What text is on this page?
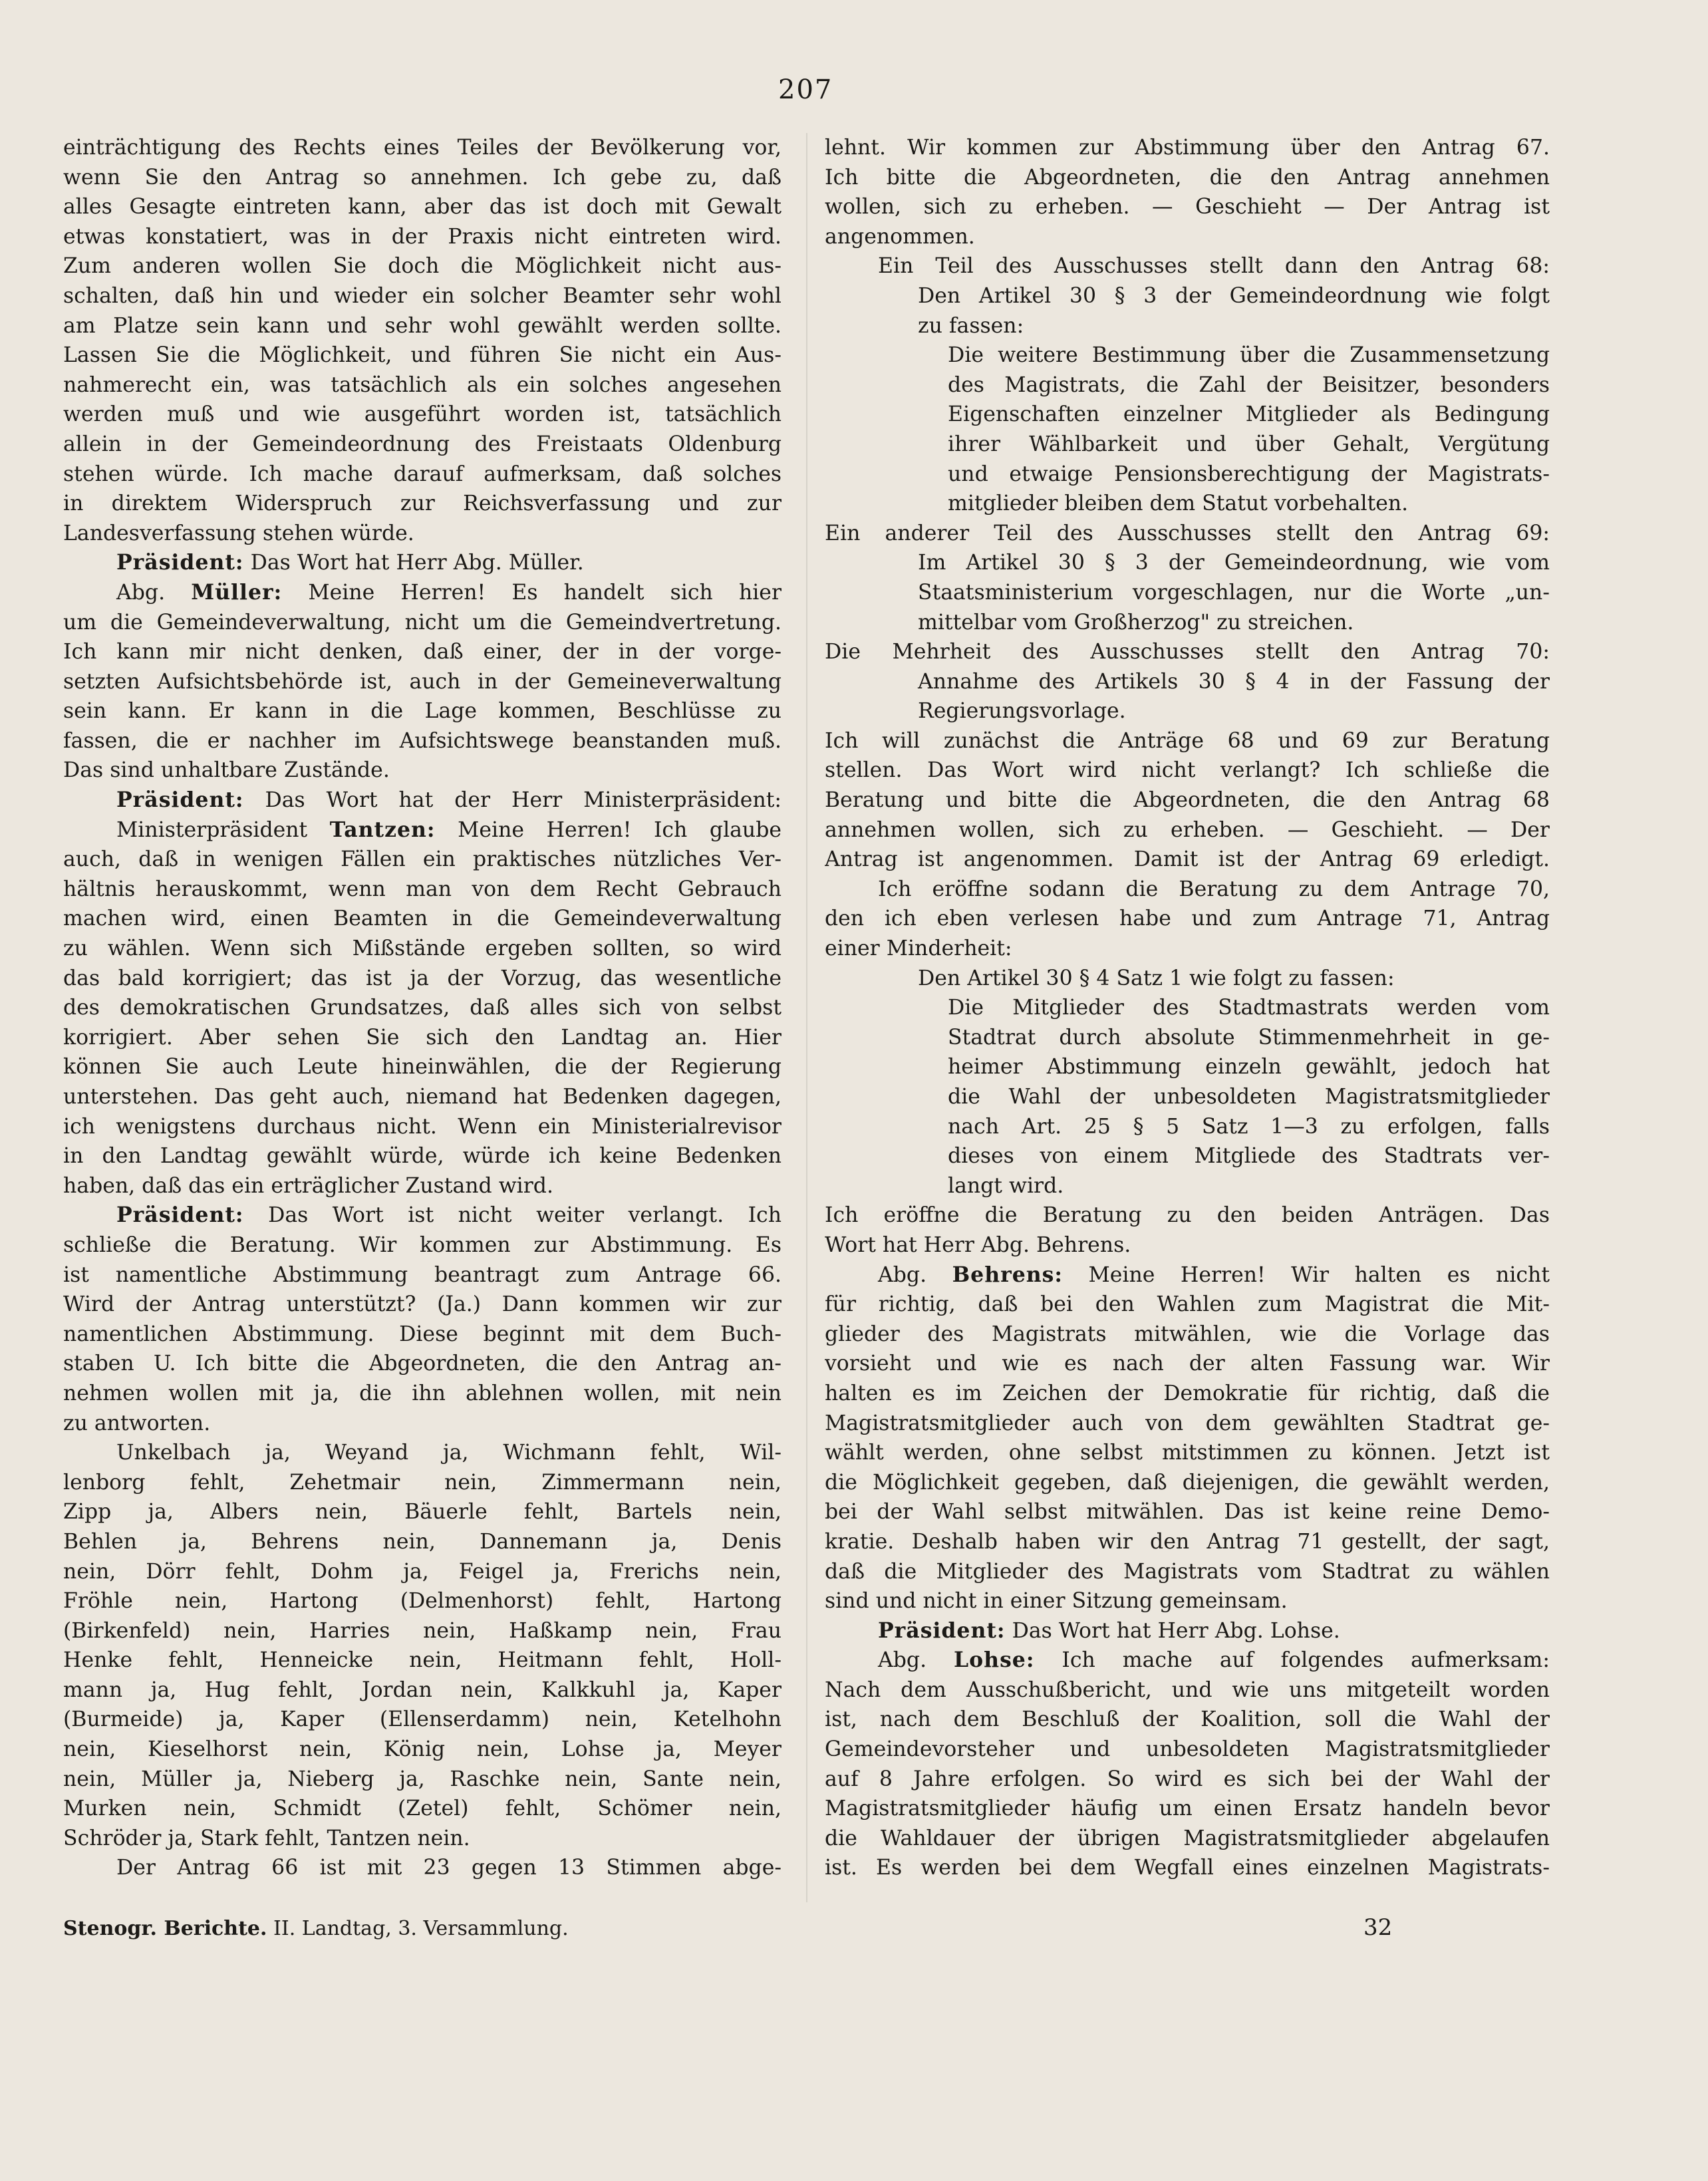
207
einträchtigung des Rechts eines Teiles der Bevölkerung vor,
wenn Sie den Antrag so annehmen. Ich gebe zu, daß
alles Gesagte eintreten kann, aber das ist doch mit Gewalt
etwas konstatiert, was in der Praxis nicht eintreten wird.
Zum anderen wollen Sie doch die Möglichkeit nicht aus-
schalten, daß hin und wieder ein solcher Beamter sehr wohl
am Platze sein kann und sehr wohl gewählt werden sollte.
Lassen Sie die Möglichkeit, und führen Sie nicht ein Aus-
nahmerecht ein, was tatsächlich als ein solches angesehen
werden muß und wie ausgeführt worden ist, tatsächlich
allein in der Gemeindeordnung des Freistaats Oldenburg
stehen würde. Ich mache darauf aufmerksam, daß solches
in direktem Widerspruch zur Reichsverfassung und zur
Landesverfassung stehen würde.
Präsident: Das Wort hat Herr Abg. Müller.
Abg. Müller: Meine Herren! Es handelt sich hier
um die Gemeindeverwaltung, nicht um die Gemeindvertretung.
Ich kann mir nicht denken, daß einer, der in der vorge-
setzten Aufsichtsbehörde ist, auch in der Gemeineverwaltung
sein kann. Er kann in die Lage kommen, Beschlüsse zu
fassen, die er nachher im Aufsichtswege beanstanden muß.
Das sind unhaltbare Zustände.
Präsident: Das Wort hat der Herr Ministerpräsident:
Ministerpräsident Tantzen: Meine Herren! Ich glaube
auch, daß in wenigen Fällen ein praktisches nützliches Ver-
hältnis herauskommt, wenn man von dem Recht Gebrauch
machen wird, einen Beamten in die Gemeindeverwaltung
zu wählen. Wenn sich Mißstände ergeben sollten, so wird
das bald korrigiert; das ist ja der Vorzug, das wesentliche
des demokratischen Grundsatzes, daß alles sich von selbst
korrigiert. Aber sehen Sie sich den Landtag an. Hier
können Sie auch Leute hineinwählen, die der Regierung
unterstehen. Das geht auch, niemand hat Bedenken dagegen,
ich wenigstens durchaus nicht. Wenn ein Ministerialrevisor
in den Landtag gewählt würde, würde ich keine Bedenken
haben, daß das ein erträglicher Zustand wird.
Präsident: Das Wort ist nicht weiter verlangt. Ich
schließe die Beratung. Wir kommen zur Abstimmung. Es
ist namentliche Abstimmung beantragt zum Antrage 66.
Wird der Antrag unterstützt? (Ja.) Dann kommen wir zur
namentlichen Abstimmung. Diese beginnt mit dem Buch-
staben U. Ich bitte die Abgeordneten, die den Antrag an-
nehmen wollen mit ja, die ihn ablehnen wollen, mit nein
zu antworten.
Unkelbach ja, Weyand ja, Wichmann fehlt, Wil-
lenborg fehlt, Zehetmair nein, Zimmermann nein,
Zipp ja, Albers nein, Bäuerle fehlt, Bartels nein,
Behlen ja, Behrens nein, Dannemann ja, Denis
nein, Dörr fehlt, Dohm ja, Feigel ja, Frerichs nein,
Fröhle nein, Hartong (Delmenhorst) fehlt, Hartong
(Birkenfeld) nein, Harries nein, Haßkamp nein, Frau
Henke fehlt, Henneicke nein, Heitmann fehlt, Holl-
mann ja, Hug fehlt, Jordan nein, Kalkkuhl ja, Kaper
(Burmeide) ja, Kaper (Ellenserdamm) nein, Ketelhohn
nein, Kieselhorst nein, König nein, Lohse ja, Meyer
nein, Müller ja, Nieberg ja, Raschke nein, Sante nein,
Murken nein, Schmidt (Zetel) fehlt, Schömer nein,
Schröder ja, Stark fehlt, Tantzen nein.
Der Antrag 66 ist mit 23 gegen 13 Stimmen abge-
lehnt. Wir kommen zur Abstimmung über den Antrag 67.
Ich bitte die Abgeordneten, die den Antrag annehmen
wollen, sich zu erheben. — Geschieht — Der Antrag ist
angenommen.
Ein Teil des Ausschusses stellt dann den Antrag 68:
Den Artikel 30 § 3 der Gemeindeordnung wie folgt
zu fassen:
Die weitere Bestimmung über die Zusammensetzung
des Magistrats, die Zahl der Beisitzer, besonders
Eigenschaften einzelner Mitglieder als Bedingung
ihrer Wählbarkeit und über Gehalt, Vergütung
und etwaige Pensionsberechtigung der Magistrats-
mitglieder bleiben dem Statut vorbehalten.
Ein anderer Teil des Ausschusses stellt den Antrag 69:
Im Artikel 30 § 3 der Gemeindeordnung, wie vom
Staatsministerium vorgeschlagen, nur die Worte „un-
mittelbar vom Großherzog" zu streichen.
Die Mehrheit des Ausschusses stellt den Antrag 70:
Annahme des Artikels 30 § 4 in der Fassung der
Regierungsvorlage.
Ich will zunächst die Anträge 68 und 69 zur Beratung
stellen. Das Wort wird nicht verlangt? Ich schließe die
Beratung und bitte die Abgeordneten, die den Antrag 68
annehmen wollen, sich zu erheben. — Geschieht. — Der
Antrag ist angenommen. Damit ist der Antrag 69 erledigt.
Ich eröffne sodann die Beratung zu dem Antrage 70,
den ich eben verlesen habe und zum Antrage 71, Antrag
einer Minderheit:
Den Artikel 30 § 4 Satz 1 wie folgt zu fassen:
Die Mitglieder des Stadtmastrats werden vom
Stadtrat durch absolute Stimmenmehrheit in ge-
heimer Abstimmung einzeln gewählt, jedoch hat
die Wahl der unbesoldeten Magistratsmitglieder
nach Art. 25 § 5 Satz 1—3 zu erfolgen, falls
dieses von einem Mitgliede des Stadtrats ver-
langt wird.
Ich eröffne die Beratung zu den beiden Anträgen. Das
Wort hat Herr Abg. Behrens.
Abg. Behrens: Meine Herren! Wir halten es nicht
für richtig, daß bei den Wahlen zum Magistrat die Mit-
glieder des Magistrats mitwählen, wie die Vorlage das
vorsieht und wie es nach der alten Fassung war. Wir
halten es im Zeichen der Demokratie für richtig, daß die
Magistratsmitglieder auch von dem gewählten Stadtrat ge-
wählt werden, ohne selbst mitstimmen zu können. Jetzt ist
die Möglichkeit gegeben, daß diejenigen, die gewählt werden,
bei der Wahl selbst mitwählen. Das ist keine reine Demo-
kratie. Deshalb haben wir den Antrag 71 gestellt, der sagt,
daß die Mitglieder des Magistrats vom Stadtrat zu wählen
sind und nicht in einer Sitzung gemeinsam.
Präsident: Das Wort hat Herr Abg. Lohse.
Abg. Lohse: Ich mache auf folgendes aufmerksam:
Nach dem Ausschußbericht, und wie uns mitgeteilt worden
ist, nach dem Beschluß der Koalition, soll die Wahl der
Gemeindevorsteher und unbesoldeten Magistratsmitglieder
auf 8 Jahre erfolgen. So wird es sich bei der Wahl der
Magistratsmitglieder häufig um einen Ersatz handeln bevor
die Wahldauer der übrigen Magistratsmitglieder abgelaufen
ist. Es werden bei dem Wegfall eines einzelnen Magistrats-
Stenogr. Berichte. II. Landtag, 3. Versammlung.	32
